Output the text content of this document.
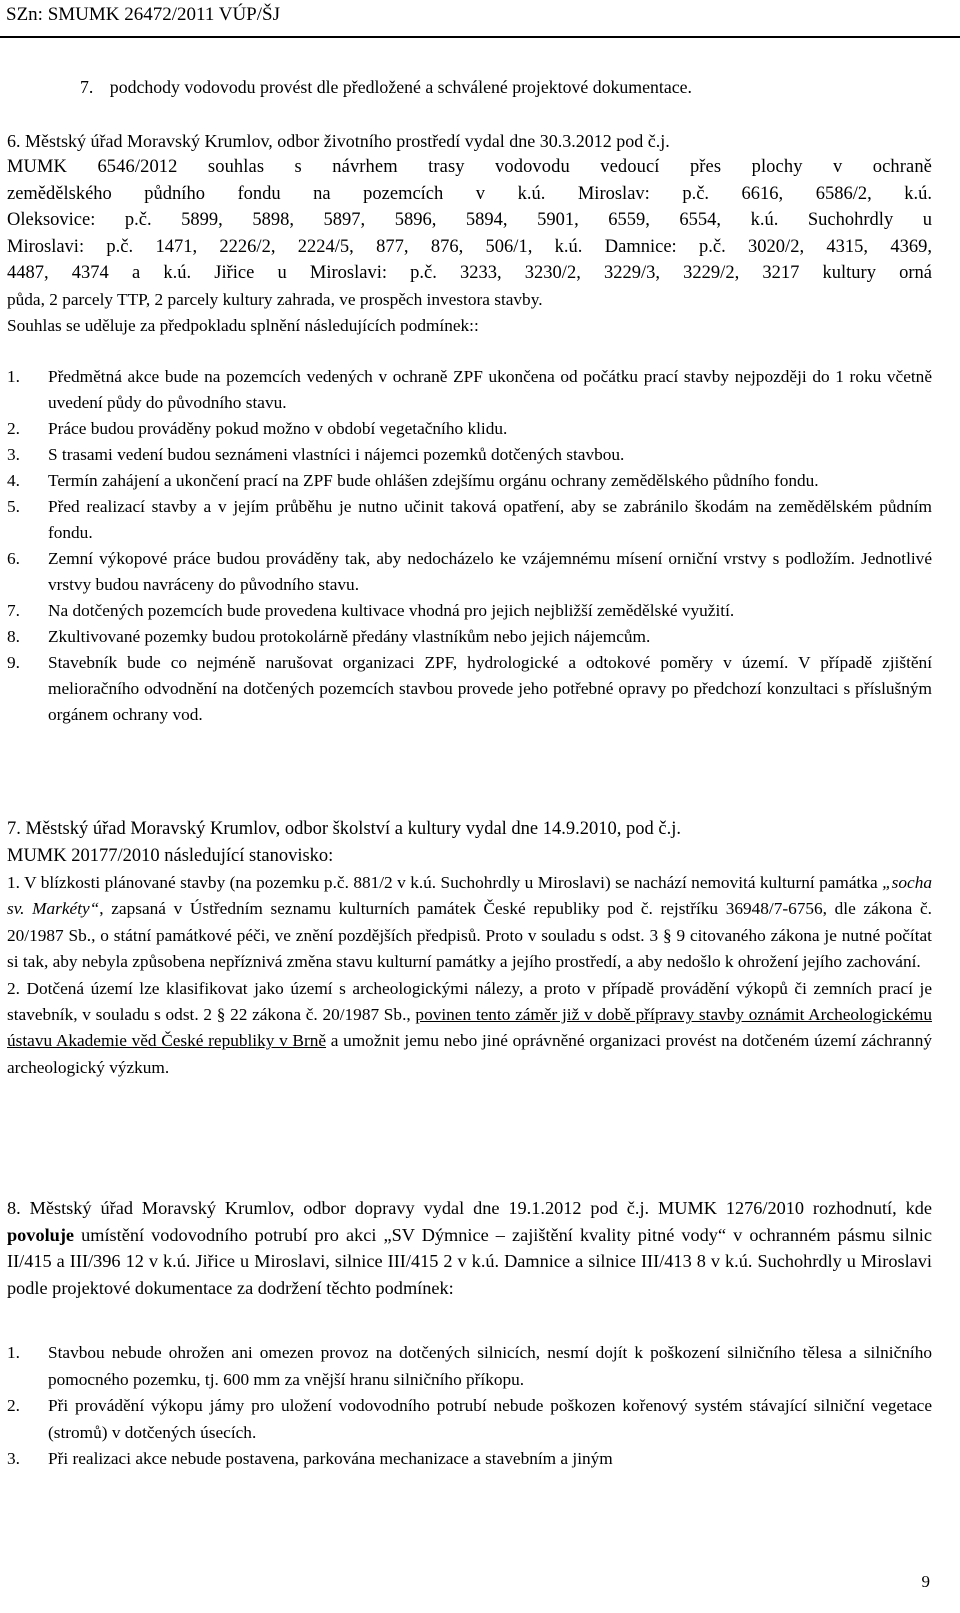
SZn: SMUMK 26472/2011 VÚP/ŠJ
7. podchody vodovodu provést dle předložené a schválené projektové dokumentace.
6. Městský úřad Moravský Krumlov, odbor životního prostředí vydal dne 30.3.2012 pod č.j.
MUMK 6546/2012 souhlas s návrhem trasy vodovodu vedoucí přes plochy v ochraně
zemědělského půdního fondu na pozemcích v k.ú. Miroslav: p.č. 6616, 6586/2, k.ú.
Oleksovice: p.č. 5899, 5898, 5897, 5896, 5894, 5901, 6559, 6554, k.ú. Suchohrdly u
Miroslavi: p.č. 1471, 2226/2, 2224/5, 877, 876, 506/1, k.ú. Damnice: p.č. 3020/2, 4315, 4369,
4487, 4374 a k.ú. Jiřice u Miroslavi: p.č. 3233, 3230/2, 3229/3, 3229/2, 3217 kultury orná
půda, 2 parcely TTP, 2 parcely kultury zahrada, ve prospěch investora stavby.
Souhlas se uděluje za předpokladu splnění následujících podmínek::
1. Předmětná akce bude na pozemcích vedených v ochraně ZPF ukončena od počátku prací stavby nejpozději do 1 roku včetně uvedení půdy do původního stavu.
2. Práce budou prováděny pokud možno v období vegetačního klidu.
3. S trasami vedení budou seznámeni vlastníci i nájemci pozemků dotčených stavbou.
4. Termín zahájení a ukončení prací na ZPF bude ohlášen zdejšímu orgánu ochrany zemědělského půdního fondu.
5. Před realizací stavby a v jejím průběhu je nutno učinit taková opatření, aby se zabránilo škodám na zemědělském půdním fondu.
6. Zemní výkopové práce budou prováděny tak, aby nedocházelo ke vzájemnému mísení orniční vrstvy s podložím. Jednotlivé vrstvy budou navráceny do původního stavu.
7. Na dotčených pozemcích bude provedena kultivace vhodná pro jejich nejbližší zemědělské využití.
8. Zkultivované pozemky budou protokolárně předány vlastníkům nebo jejich nájemcům.
9. Stavebník bude co nejméně narušovat organizaci ZPF, hydrologické a odtokové poměry v území. V případě zjištění melioračního odvodnění na dotčených pozemcích stavbou provede jeho potřebné opravy po předchozí konzultaci s příslušným orgánem ochrany vod.
7. Městský úřad Moravský Krumlov, odbor školství a kultury vydal dne 14.9.2010, pod č.j.
MUMK 20177/2010 následující stanovisko:
1. V blízkosti plánované stavby (na pozemku p.č. 881/2 v k.ú. Suchohrdly u Miroslavi) se nachází nemovitá kulturní památka „socha sv. Markéty“, zapsaná v Ústředním seznamu kulturních památek České republiky pod č. rejstříku 36948/7-6756, dle zákona č. 20/1987 Sb., o státní památkové péči, ve znění pozdějších předpisů. Proto v souladu s odst. 3 § 9 citovaného zákona je nutné počítat si tak, aby nebyla způsobena nepříznivá změna stavu kulturní památky a jejího prostředí, a aby nedošlo k ohrožení jejího zachování.
2. Dotčená území lze klasifikovat jako území s archeologickými nálezy, a proto v případě provádění výkopů či zemních prací je stavebník, v souladu s odst. 2 § 22 zákona č. 20/1987 Sb., povinen tento záměr již v době přípravy stavby oznámit Archeologickému ústavu Akademie věd České republiky v Brně a umožnit jemu nebo jiné oprávněné organizaci provést na dotčeném území záchranný archeologický výzkum.
8. Městský úřad Moravský Krumlov, odbor dopravy vydal dne 19.1.2012 pod č.j. MUMK 1276/2010 rozhodnutí, kde povoluje umístění vodovodního potrubí pro akci „SV Dýmnice – zajištění kvality pitné vody“ v ochranném pásmu silnic II/415 a III/396 12 v k.ú. Jiřice u Miroslavi, silnice III/415 2 v k.ú. Damnice a silnice III/413 8 v k.ú. Suchohrdly u Miroslavi podle projektové dokumentace za dodržení těchto podmínek:
1. Stavbou nebude ohrožen ani omezen provoz na dotčených silnicích, nesmí dojít k poškození silničního tělesa a silničního pomocného pozemku, tj. 600 mm za vnější hranu silničního příkopu.
2. Při provádění výkopu jámy pro uložení vodovodního potrubí nebude poškozen kořenový systém stávající silniční vegetace (stromů) v dotčených úsecích.
3. Při realizaci akce nebude postavena, parkována mechanizace a stavebním a jiným
9
